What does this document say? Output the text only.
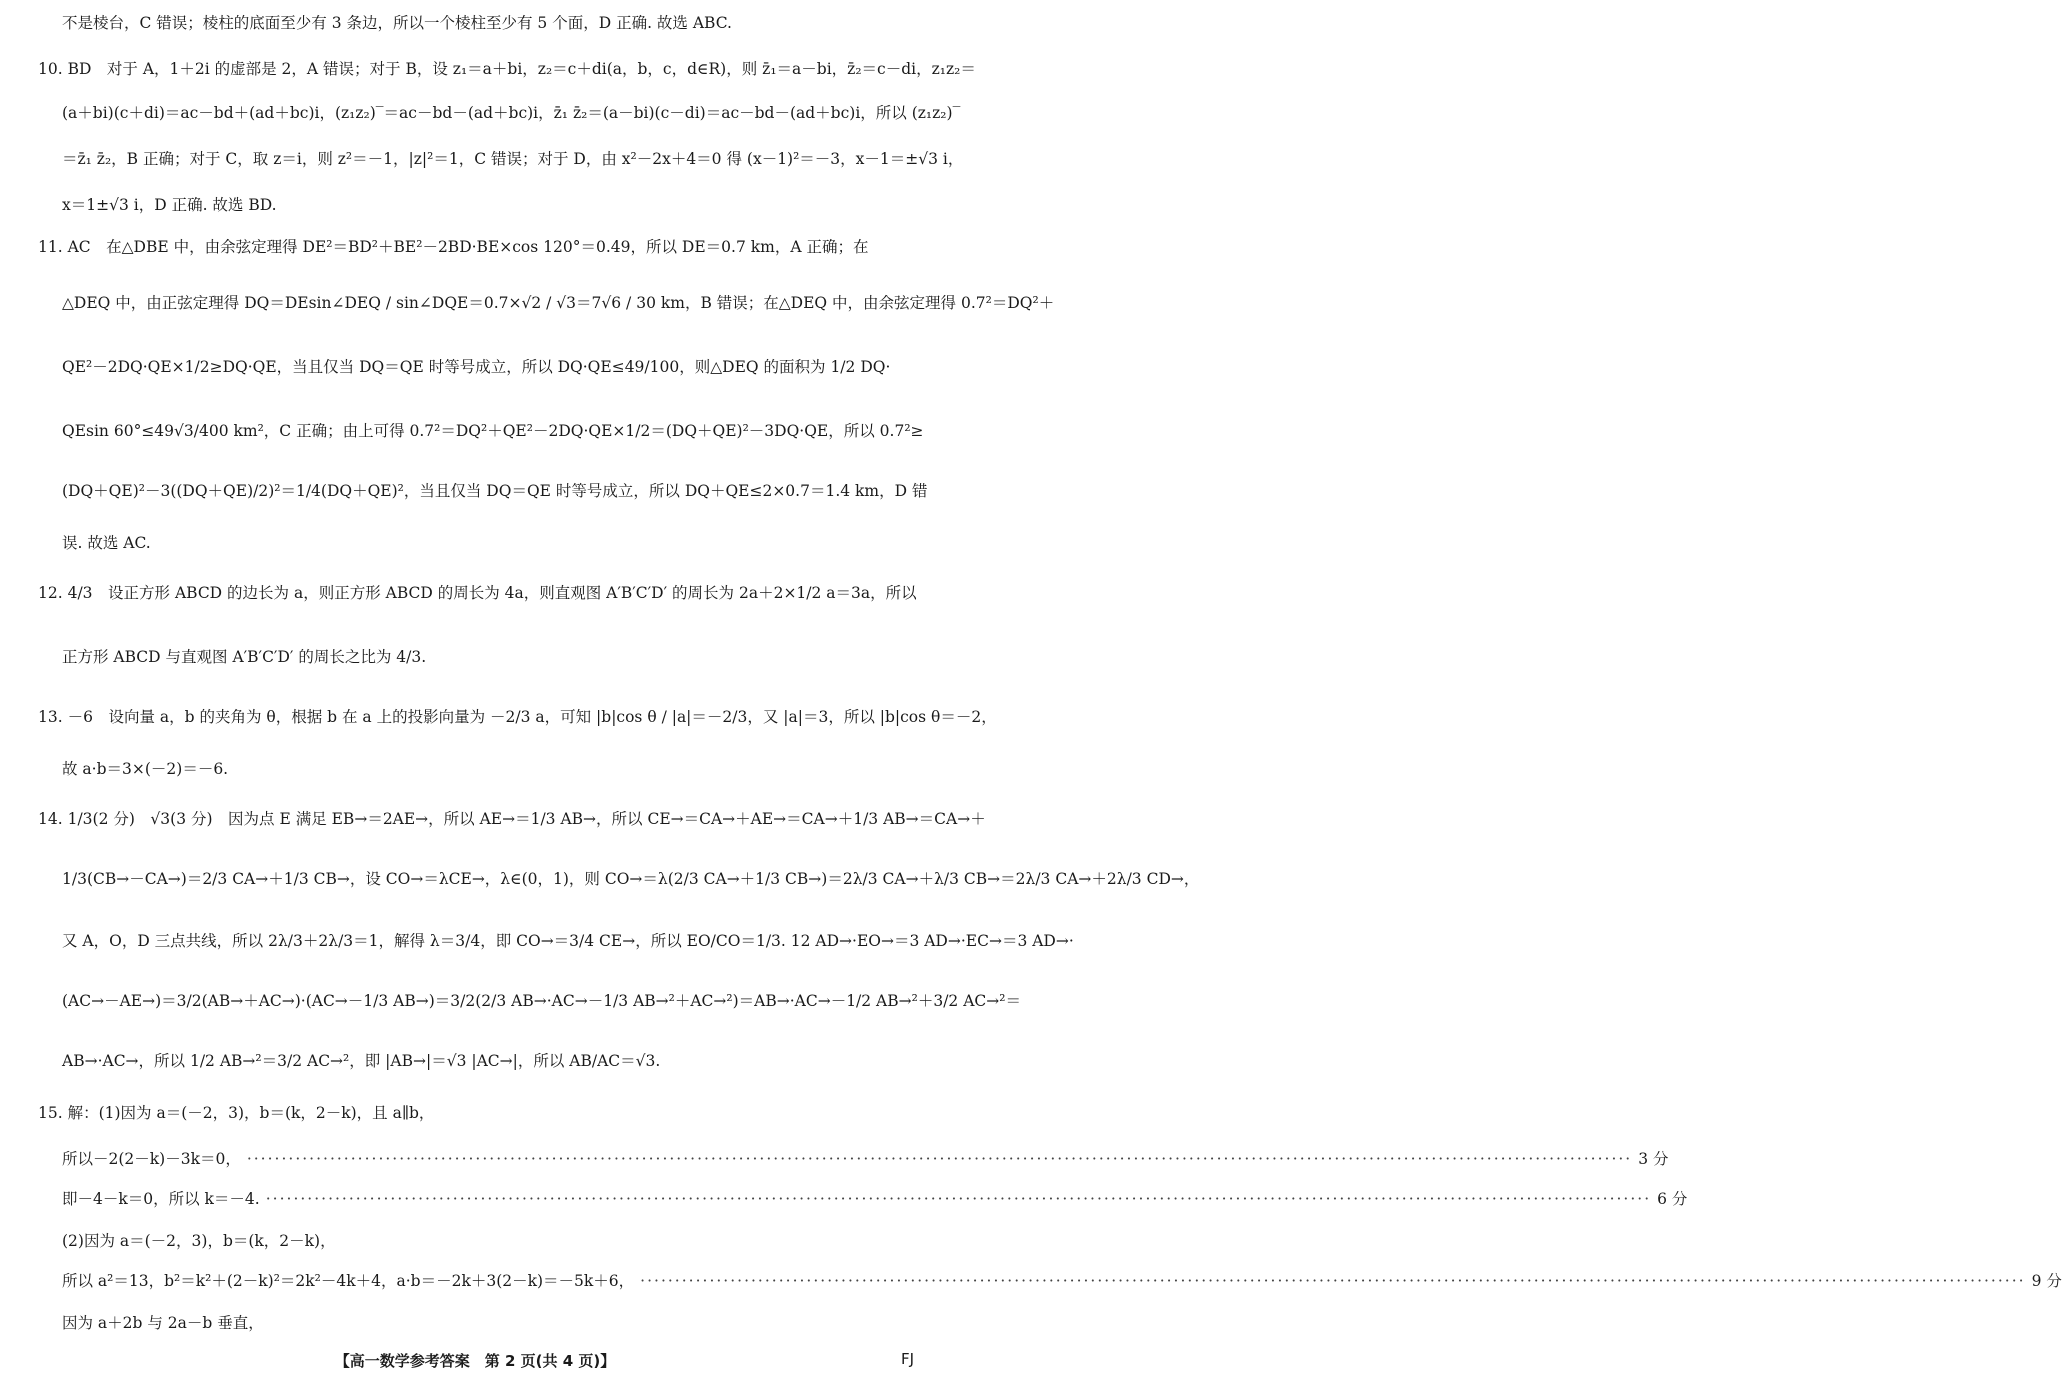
不是棱台，C 错误；棱柱的底面至少有 3 条边，所以一个棱柱至少有 5 个面，D 正确. 故选 ABC.
10. BD　对于 A，1＋2i 的虚部是 2，A 错误；对于 B，设 z₁＝a＋bi，z₂＝c＋di(a，b，c，d∈R)，则 z̄₁＝a－bi，z̄₂＝c－di，z₁z₂＝
(a＋bi)(c＋di)＝ac－bd＋(ad＋bc)i，(z₁z₂)‾＝ac－bd－(ad＋bc)i，z̄₁ z̄₂＝(a－bi)(c－di)＝ac－bd－(ad＋bc)i，所以 (z₁z₂)‾
＝z̄₁ z̄₂，B 正确；对于 C，取 z＝i，则 z²＝－1，|z|²＝1，C 错误；对于 D，由 x²－2x＋4＝0 得 (x－1)²＝－3，x－1＝±√3 i，
x＝1±√3 i，D 正确. 故选 BD.
11. AC　在△DBE 中，由余弦定理得 DE²＝BD²＋BE²－2BD·BE×cos 120°＝0.49，所以 DE＝0.7 km，A 正确；在
△DEQ 中，由正弦定理得 DQ＝DEsin∠DEQ / sin∠DQE＝0.7×√2 / √3＝7√6 / 30 km，B 错误；在△DEQ 中，由余弦定理得 0.7²＝DQ²＋
QE²－2DQ·QE×1/2≥DQ·QE，当且仅当 DQ＝QE 时等号成立，所以 DQ·QE≤49/100，则△DEQ 的面积为 1/2 DQ·
QEsin 60°≤49√3/400 km²，C 正确；由上可得 0.7²＝DQ²＋QE²－2DQ·QE×1/2＝(DQ＋QE)²－3DQ·QE，所以 0.7²≥
(DQ＋QE)²－3((DQ＋QE)/2)²＝1/4(DQ＋QE)²，当且仅当 DQ＝QE 时等号成立，所以 DQ＋QE≤2×0.7＝1.4 km，D 错
误. 故选 AC.
12. 4/3　设正方形 ABCD 的边长为 a，则正方形 ABCD 的周长为 4a，则直观图 A′B′C′D′ 的周长为 2a＋2×1/2 a＝3a，所以
正方形 ABCD 与直观图 A′B′C′D′ 的周长之比为 4/3.
13. －6　设向量 a，b 的夹角为 θ，根据 b 在 a 上的投影向量为 －2/3 a，可知 |b|cos θ / |a|＝－2/3，又 |a|＝3，所以 |b|cos θ＝－2，
故 a·b＝3×(－2)＝－6.
14. 1/3(2 分)　√3(3 分)　因为点 E 满足 EB→＝2AE→，所以 AE→＝1/3 AB→，所以 CE→＝CA→＋AE→＝CA→＋1/3 AB→＝CA→＋
1/3(CB→－CA→)＝2/3 CA→＋1/3 CB→，设 CO→＝λCE→，λ∈(0，1)，则 CO→＝λ(2/3 CA→＋1/3 CB→)＝2λ/3 CA→＋λ/3 CB→＝2λ/3 CA→＋2λ/3 CD→，
又 A，O，D 三点共线，所以 2λ/3＋2λ/3＝1，解得 λ＝3/4，即 CO→＝3/4 CE→，所以 EO/CO＝1/3. 12 AD→·EO→＝3 AD→·EC→＝3 AD→·
(AC→－AE→)＝3/2(AB→＋AC→)·(AC→－1/3 AB→)＝3/2(2/3 AB→·AC→－1/3 AB→²＋AC→²)＝AB→·AC→－1/2 AB→²＋3/2 AC→²＝
AB→·AC→，所以 1/2 AB→²＝3/2 AC→²，即 |AB→|＝√3 |AC→|，所以 AB/AC＝√3.
15. 解：(1)因为 a＝(－2，3)，b＝(k，2－k)，且 a∥b，
所以－2(2－k)－3k＝0， ········································································································································································································ 3 分
即－4－k＝0，所以 k＝－4. ········································································································································································································ 6 分
所以 a²＝13，b²＝k²＋(2－k)²＝2k²－4k＋4，a·b＝－2k＋3(2－k)＝－5k＋6， ········································································································································································································ 9 分
(2)因为 a＝(－2，3)，b＝(k，2－k)，
因为 a＋2b 与 2a－b 垂直，
【高一数学参考答案　第 2 页(共 4 页)】	FJ
